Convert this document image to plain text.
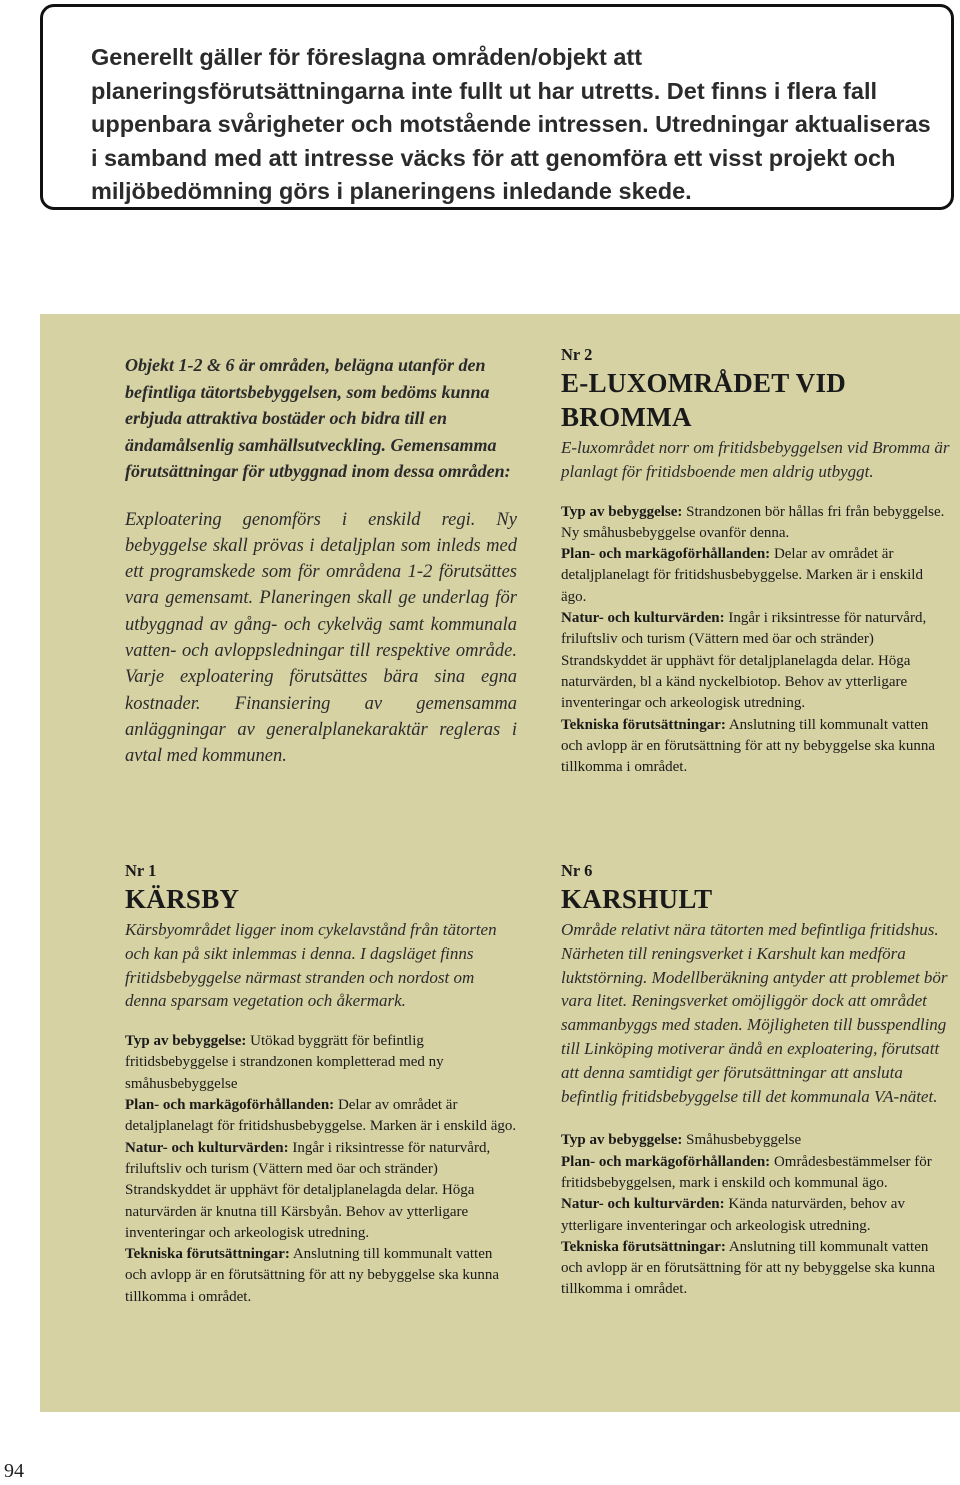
Generellt gäller för föreslagna områden/objekt att planeringsförutsättningarna inte fullt ut har utretts. Det finns i flera fall uppenbara svårigheter och motstående intressen. Utredningar aktualiseras i samband med att intresse väcks för att genomföra ett visst projekt och miljöbedömning görs i planeringens inledande skede.

Objekt 1-2 & 6 är områden, belägna utanför den befintliga tätortsbebyggelsen, som bedöms kunna erbjuda attraktiva bostäder och bidra till en ändamålsenlig samhällsutveckling. Gemensamma förutsättningar för utbyggnad inom dessa områden:

Exploatering genomförs i enskild regi. Ny bebyggelse skall prövas i detaljplan som inleds med ett programskede som för områdena 1-2 förutsättes vara gemensamt. Planeringen skall ge underlag för utbyggnad av gång- och cykelväg samt kommunala vatten- och avloppsledningar till respektive område. Varje exploatering förutsättes bära sina egna kostnader. Finansiering av gemensamma anläggningar av generalplanekaraktär regleras i avtal med kommunen.

Nr 2

E-LUXOMRÅDET VID BROMMA

E-luxområdet norr om fritidsbebyggelsen vid Bromma är planlagt för fritidsboende men aldrig utbyggt.

Typ av bebyggelse: Strandzonen bör hållas fri från bebyggelse. Ny småhusbebyggelse ovanför denna.

Plan- och markägoförhållanden: Delar av området är detaljplanelagt för fritidshusbebyggelse. Marken är i enskild ägo.

Natur- och kulturvärden: Ingår i riksintresse för naturvård, friluftsliv och turism (Vättern med öar och stränder) Strandskyddet är upphävt för detaljplanelagda delar. Höga naturvärden, bl a känd nyckelbiotop. Behov av ytterligare inventeringar och arkeologisk utredning.

Tekniska förutsättningar: Anslutning till kommunalt vatten och avlopp är en förutsättning för att ny bebyggelse ska kunna tillkomma i området.

Nr 1

KÄRSBY

Kärsbyområdet ligger inom cykelavstånd från tätorten och kan på sikt inlemmas i denna. I dagsläget finns fritidsbebyggelse närmast stranden och nordost om denna sparsam vegetation och åkermark.

Typ av bebyggelse: Utökad byggrätt för befintlig fritidsbebyggelse i strandzonen kompletterad med ny småhusbebyggelse

Plan- och markägoförhållanden: Delar av området är detaljplanelagt för fritidshusbebyggelse. Marken är i enskild ägo.

Natur- och kulturvärden: Ingår i riksintresse för naturvård, friluftsliv och turism (Vättern med öar och stränder) Strandskyddet är upphävt för detaljplanelagda delar. Höga naturvärden är knutna till Kärsbyån. Behov av ytterligare inventeringar och arkeologisk utredning.

Tekniska förutsättningar: Anslutning till kommunalt vatten och avlopp är en förutsättning för att ny bebyggelse ska kunna tillkomma i området.

Nr 6

KARSHULT

Område relativt nära tätorten med befintliga fritidshus. Närheten till reningsverket i Karshult kan medföra luktstörning. Modellberäkning antyder att problemet bör vara litet. Reningsverket omöjliggör dock att området sammanbyggs med staden. Möjligheten till busspendling till Linköping motiverar ändå en exploatering, förutsatt att denna samtidigt ger förutsättningar att ansluta befintlig fritidsbebyggelse till det kommunala VA-nätet.

Typ av bebyggelse: Småhusbebyggelse

Plan- och markägoförhållanden: Områdesbestämmelser för fritidsbebyggelsen, mark i enskild och kommunal ägo.

Natur- och kulturvärden: Kända naturvärden, behov av ytterligare inventeringar och arkeologisk utredning.

Tekniska förutsättningar: Anslutning till kommunalt vatten och avlopp är en förutsättning för att ny bebyggelse ska kunna tillkomma i området.

94
